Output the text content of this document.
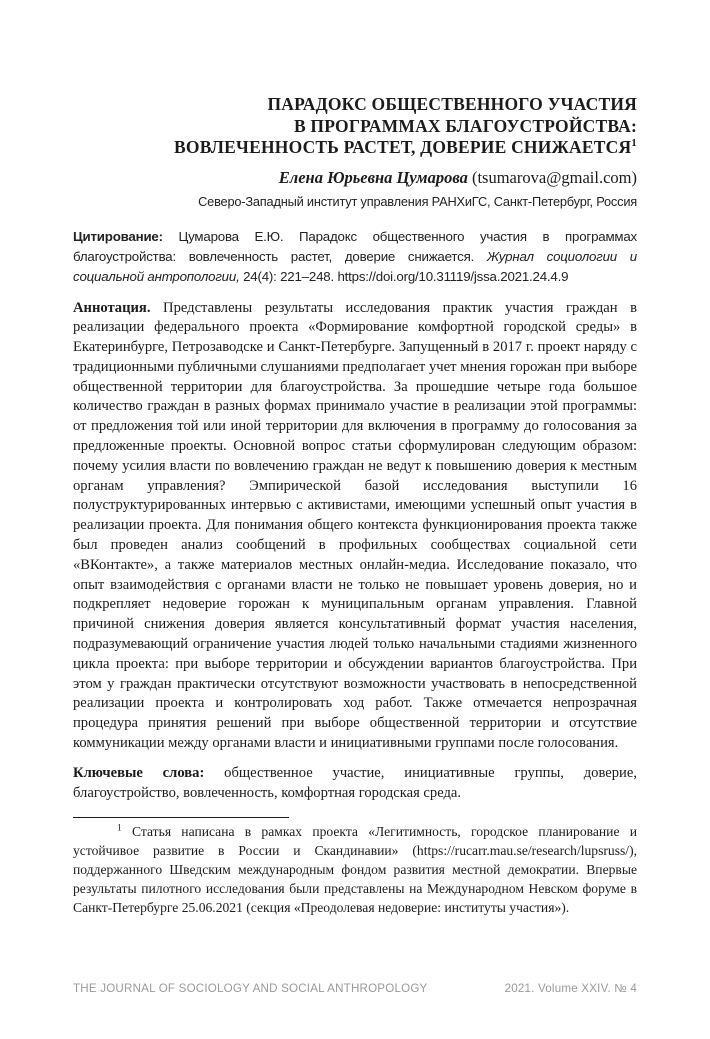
ПАРАДОКС ОБЩЕСТВЕННОГО УЧАСТИЯ
В ПРОГРАММАХ БЛАГОУСТРОЙСТВА:
ВОВЛЕЧЕННОСТЬ РАСТЕТ, ДОВЕРИЕ СНИЖАЕТСЯ$^1$
Елена Юрьевна Цумарова (tsumarova@gmail.com)
Северо-Западный институт управления РАНХиГС, Санкт-Петербург, Россия

Цитирование: Цумарова Е.Ю. Парадокс общественного участия в программах благоустройства: вовлеченность растет, доверие снижается. Журнал социологии и социальной антропологии, 24(4): 221–248. https://doi.org/10.31119/jssa.2021.24.4.9

Аннотация. Представлены результаты исследования практик участия граждан в реализации федерального проекта «Формирование комфортной городской среды» в Екатеринбурге, Петрозаводске и Санкт-Петербурге. Запущенный в 2017 г. проект наряду с традиционными публичными слушаниями предполагает учет мнения горожан при выборе общественной территории для благоустройства. За прошедшие четыре года большое количество граждан в разных формах принимало участие в реализации этой программы: от предложения той или иной территории для включения в программу до голосования за предложенные проекты. Основной вопрос статьи сформулирован следующим образом: почему усилия власти по вовлечению граждан не ведут к повышению доверия к местным органам управления? Эмпирической базой исследования выступили 16 полуструктурированных интервью с активистами, имеющими успешный опыт участия в реализации проекта. Для понимания общего контекста функционирования проекта также был проведен анализ сообщений в профильных сообществах социальной сети «ВКонтакте», а также материалов местных онлайн-медиа. Исследование показало, что опыт взаимодействия с органами власти не только не повышает уровень доверия, но и подкрепляет недоверие горожан к муниципальным органам управления. Главной причиной снижения доверия является консультативный формат участия населения, подразумевающий ограничение участия людей только начальными стадиями жизненного цикла проекта: при выборе территории и обсуждении вариантов благоустройства. При этом у граждан практически отсутствуют возможности участвовать в непосредственной реализации проекта и контролировать ход работ. Также отмечается непрозрачная процедура принятия решений при выборе общественной территории и отсутствие коммуникации между органами власти и инициативными группами после голосования.

Ключевые слова: общественное участие, инициативные группы, доверие, благоустройство, вовлеченность, комфортная городская среда.

$^1$ Статья написана в рамках проекта «Легитимность, городское планирование и устойчивое развитие в России и Скандинавии» (https://rucarr.mau.se/research/lupsruss/), поддержанного Шведским международным фондом развития местной демократии. Впервые результаты пилотного исследования были представлены на Международном Невском форуме в Санкт-Петербурге 25.06.2021 (секция «Преодолевая недоверие: институты участия»).

THE JOURNAL OF SOCIOLOGY AND SOCIAL ANTHROPOLOGY	2021. Volume XXIV. № 4
